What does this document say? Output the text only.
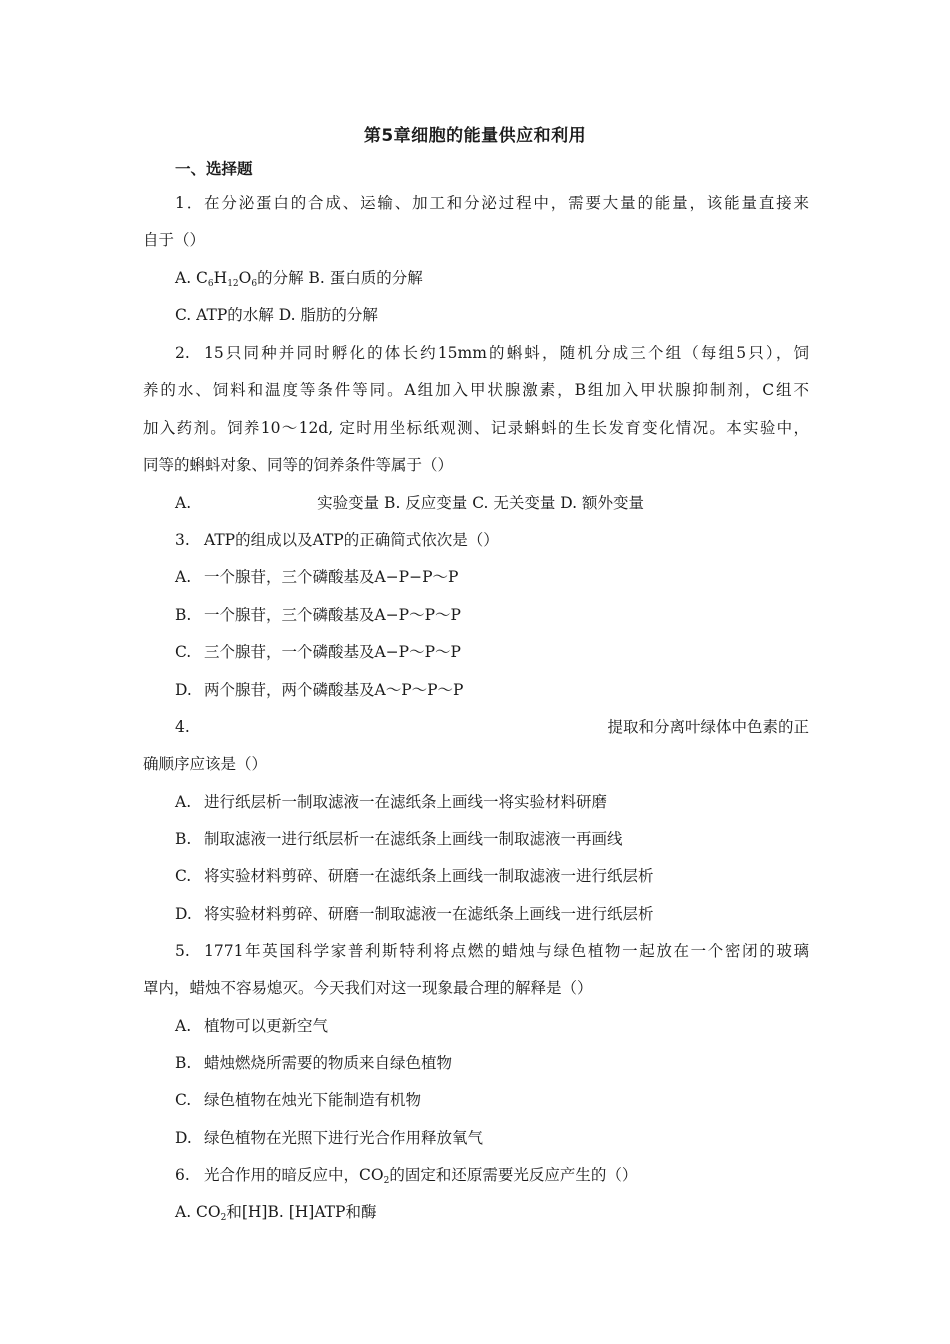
第5章细胞的能量供应和利用
一、选择题
1．在分泌蛋白的合成、运输、加工和分泌过程中，需要大量的能量，该能量直接来
自于（）
A. $C_6H_{12}O_6$的分解 B. 蛋白质的分解
C. ATP的水解 D. 脂肪的分解
2. 15只同种并同时孵化的体长约15mm的蝌蚪，随机分成三个组（每组5只），饲
养的水、饲料和温度等条件等同。A组加入甲状腺激素，B组加入甲状腺抑制剂，C组不
加入药剂。饲养10〜12d, 定时用坐标纸观测、记录蝌蚪的生长发育变化情况。本实验中，
同等的蝌蚪对象、同等的饲养条件等属于（）
A.	实验变量 B. 反应变量 C. 无关变量 D. 额外变量
3. ATP的组成以及ATP的正确简式依次是（）
A. 一个腺苷，三个磷酸基及A−P−P〜P
B. 一个腺苷，三个磷酸基及A−P〜P〜P
C. 三个腺苷，一个磷酸基及A−P〜P〜P
D. 两个腺苷，两个磷酸基及A〜P〜P〜P
4.	提取和分离叶绿体中色素的正
确顺序应该是（）
A. 进行纸层析一制取滤液一在滤纸条上画线一将实验材料研磨
B. 制取滤液一进行纸层析一在滤纸条上画线一制取滤液一再画线
C. 将实验材料剪碎、研磨一在滤纸条上画线一制取滤液一进行纸层析
D. 将实验材料剪碎、研磨一制取滤液一在滤纸条上画线一进行纸层析
5. 1771年英国科学家普利斯特利将点燃的蜡烛与绿色植物一起放在一个密闭的玻璃
罩内，蜡烛不容易熄灭。今天我们对这一现象最合理的解释是（）
A. 植物可以更新空气
B. 蜡烛燃烧所需要的物质来自绿色植物
C. 绿色植物在烛光下能制造有机物
D. 绿色植物在光照下进行光合作用释放氧气
6. 光合作用的暗反应中，$CO_2$的固定和还原需要光反应产生的（）
A. $CO_2$和[H]B. [H]ATP和酶
